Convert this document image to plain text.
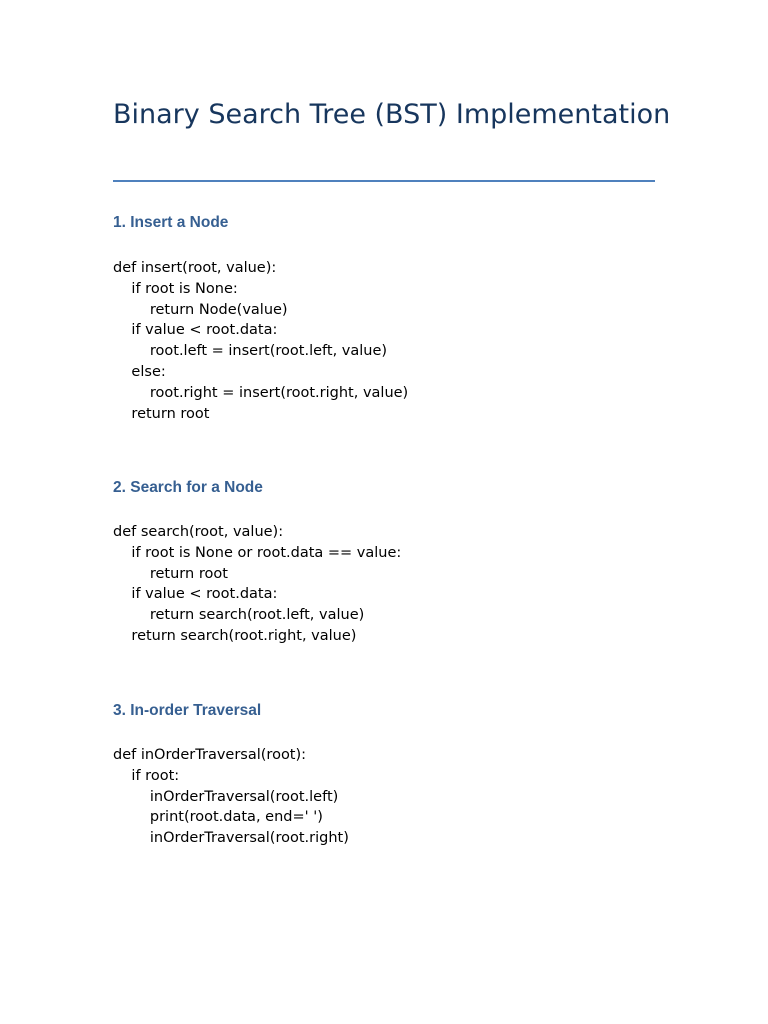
Binary Search Tree (BST) Implementation
1. Insert a Node
def insert(root, value):
if root is None:
return Node(value)
if value < root.data:
root.left = insert(root.left, value)
else:
root.right = insert(root.right, value)
return root
2. Search for a Node
def search(root, value):
if root is None or root.data == value:
return root
if value < root.data:
return search(root.left, value)
return search(root.right, value)
3. In-order Traversal
def inOrderTraversal(root):
if root:
inOrderTraversal(root.left)
print(root.data, end=' ')
inOrderTraversal(root.right)
